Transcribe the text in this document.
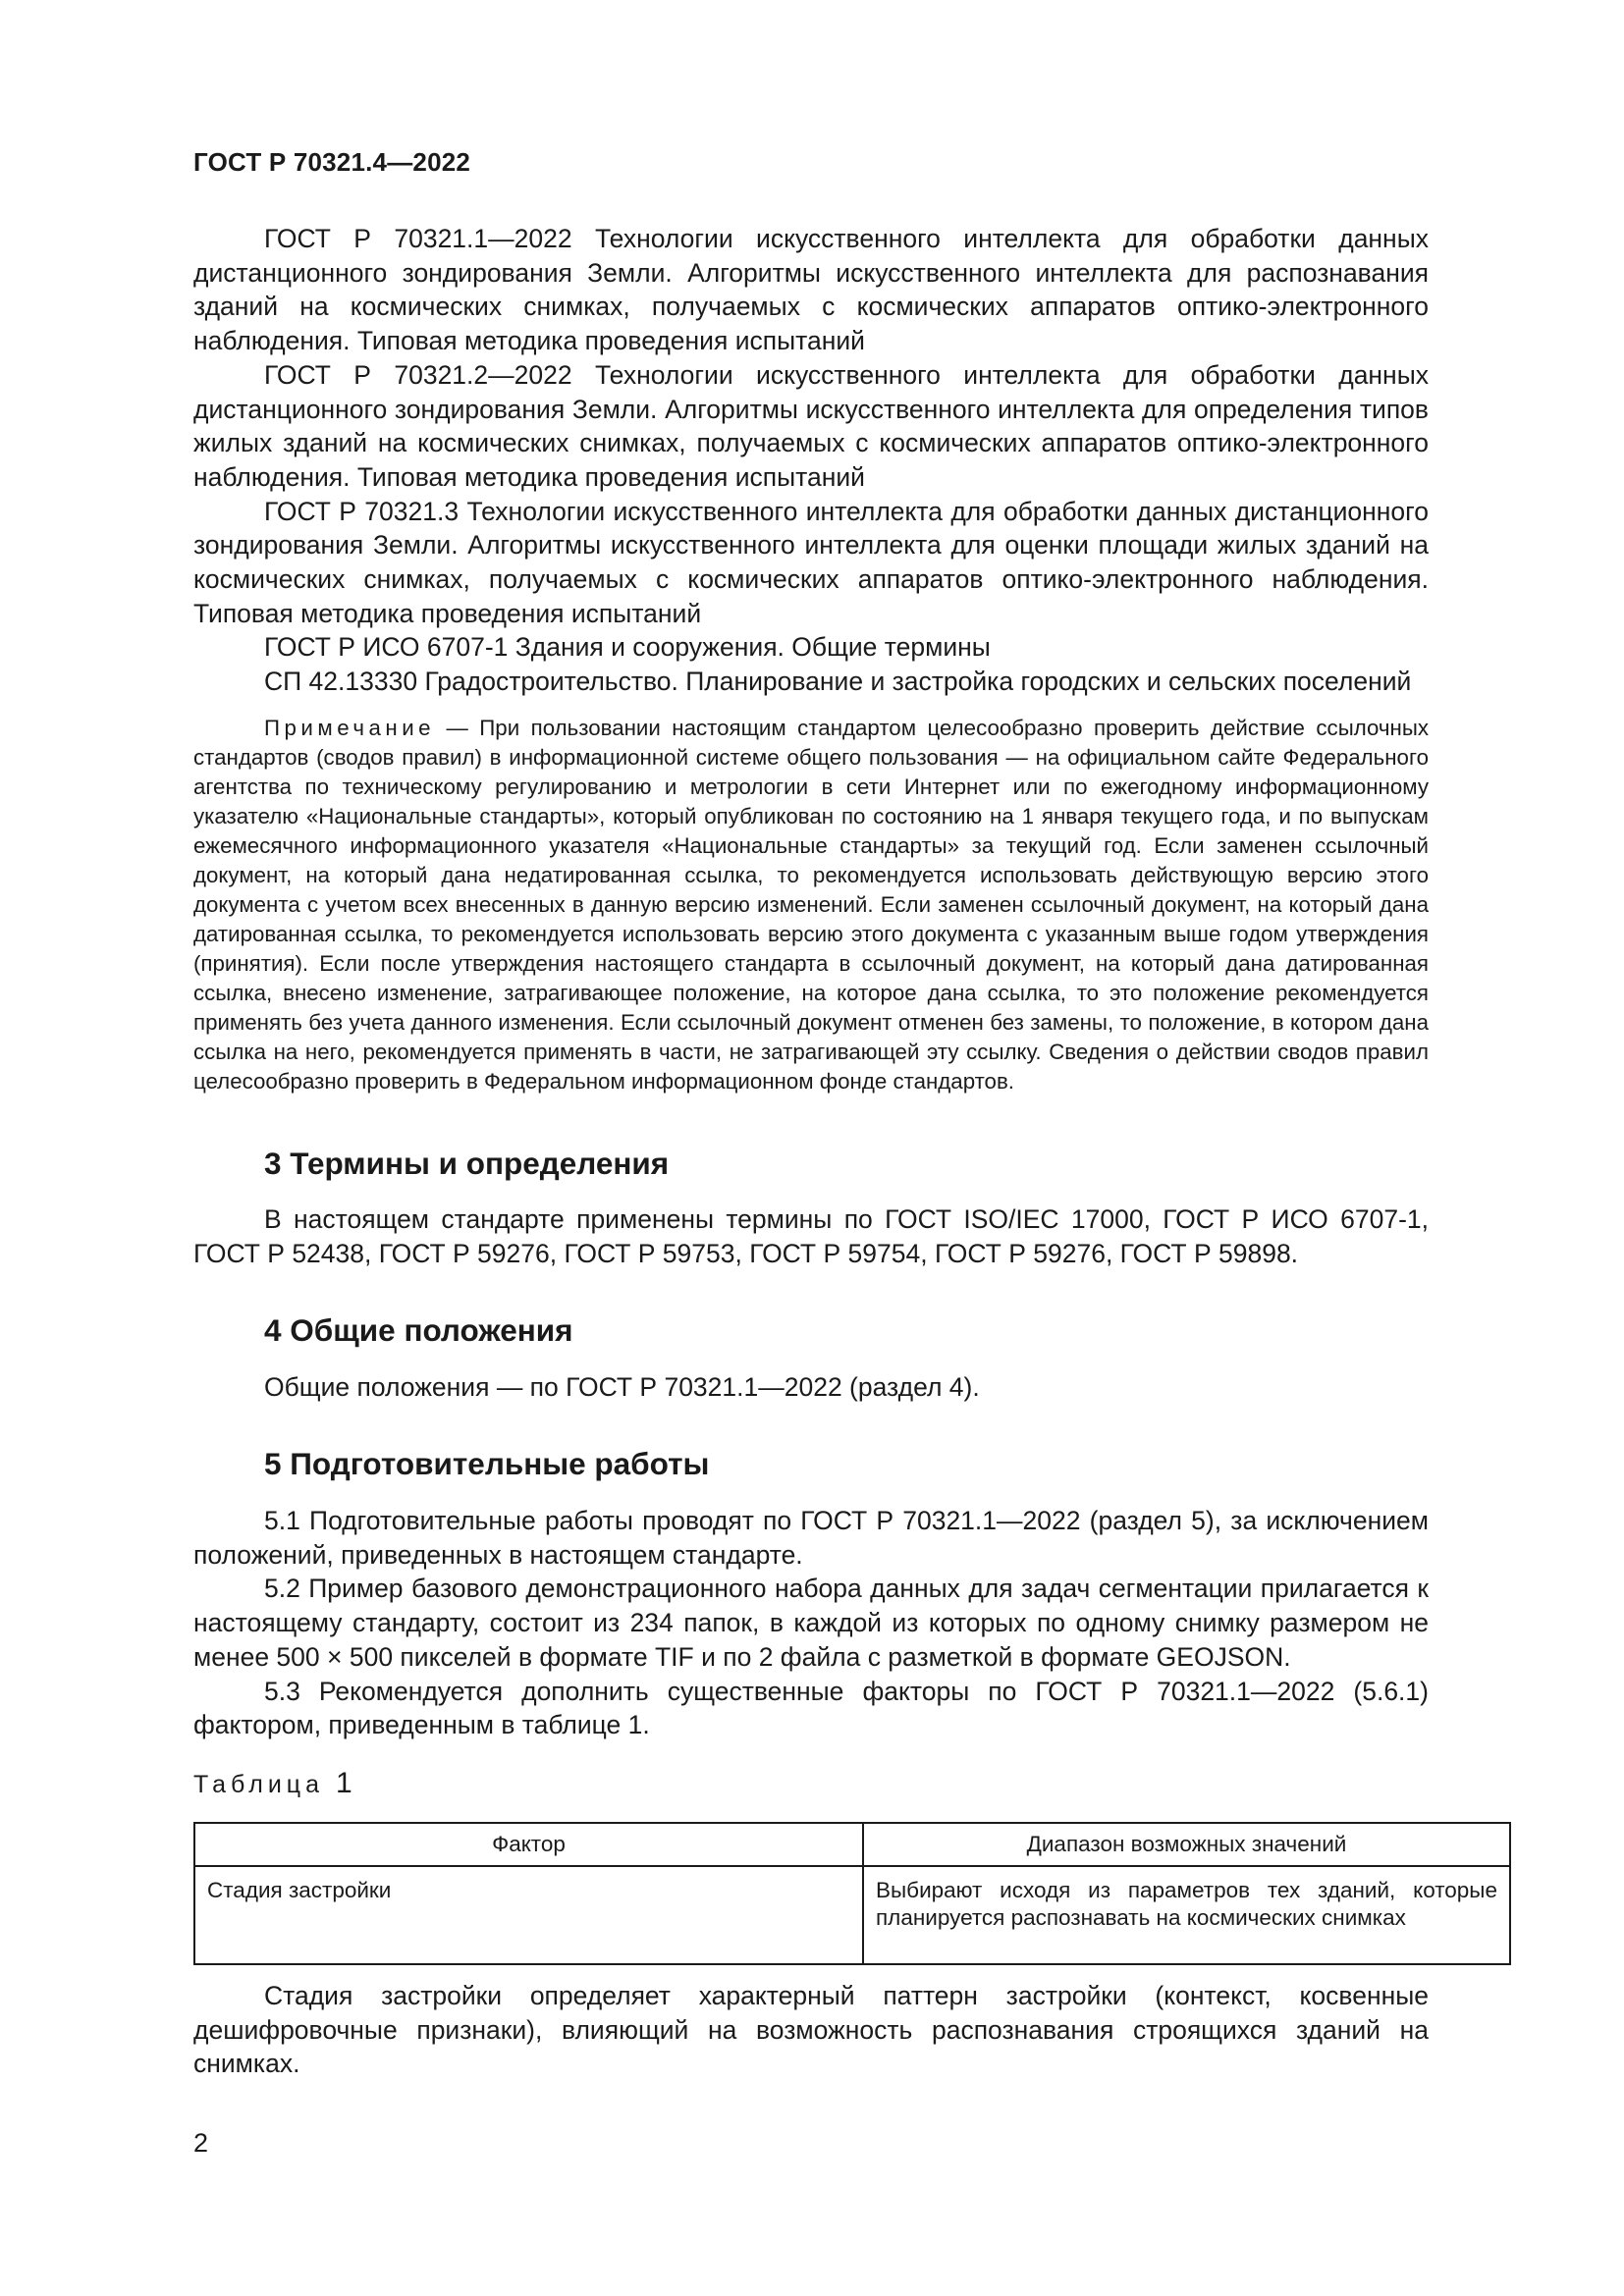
ГОСТ Р 70321.4—2022

ГОСТ Р 70321.1—2022 Технологии искусственного интеллекта для обработки данных дистанционного зондирования Земли. Алгоритмы искусственного интеллекта для распознавания зданий на космических снимках, получаемых с космических аппаратов оптико-электронного наблюдения. Типовая методика проведения испытаний

ГОСТ Р 70321.2—2022 Технологии искусственного интеллекта для обработки данных дистанционного зондирования Земли. Алгоритмы искусственного интеллекта для определения типов жилых зданий на космических снимках, получаемых с космических аппаратов оптико-электронного наблюдения. Типовая методика проведения испытаний

ГОСТ Р 70321.3 Технологии искусственного интеллекта для обработки данных дистанционного зондирования Земли. Алгоритмы искусственного интеллекта для оценки площади жилых зданий на космических снимках, получаемых с космических аппаратов оптико-электронного наблюдения. Типовая методика проведения испытаний

ГОСТ Р ИСО 6707-1 Здания и сооружения. Общие термины

СП 42.13330 Градостроительство. Планирование и застройка городских и сельских поселений

Примечание — При пользовании настоящим стандартом целесообразно проверить действие ссылочных стандартов (сводов правил) в информационной системе общего пользования — на официальном сайте Федерального агентства по техническому регулированию и метрологии в сети Интернет или по ежегодному информационному указателю «Национальные стандарты», который опубликован по состоянию на 1 января текущего года, и по выпускам ежемесячного информационного указателя «Национальные стандарты» за текущий год. Если заменен ссылочный документ, на который дана недатированная ссылка, то рекомендуется использовать действующую версию этого документа с учетом всех внесенных в данную версию изменений. Если заменен ссылочный документ, на который дана датированная ссылка, то рекомендуется использовать версию этого документа с указанным выше годом утверждения (принятия). Если после утверждения настоящего стандарта в ссылочный документ, на который дана датированная ссылка, внесено изменение, затрагивающее положение, на которое дана ссылка, то это положение рекомендуется применять без учета данного изменения. Если ссылочный документ отменен без замены, то положение, в котором дана ссылка на него, рекомендуется применять в части, не затрагивающей эту ссылку. Сведения о действии сводов правил целесообразно проверить в Федеральном информационном фонде стандартов.

3 Термины и определения

В настоящем стандарте применены термины по ГОСТ ISO/IEC 17000, ГОСТ Р ИСО 6707-1, ГОСТ Р 52438, ГОСТ Р 59276, ГОСТ Р 59753, ГОСТ Р 59754, ГОСТ Р 59276, ГОСТ Р 59898.

4 Общие положения

Общие положения — по ГОСТ Р 70321.1—2022 (раздел 4).

5 Подготовительные работы

5.1 Подготовительные работы проводят по ГОСТ Р 70321.1—2022 (раздел 5), за исключением положений, приведенных в настоящем стандарте.

5.2 Пример базового демонстрационного набора данных для задач сегментации прилагается к настоящему стандарту, состоит из 234 папок, в каждой из которых по одному снимку размером не менее 500 × 500 пикселей в формате TIF и по 2 файла с разметкой в формате GEOJSON.

5.3 Рекомендуется дополнить существенные факторы по ГОСТ Р 70321.1—2022 (5.6.1) фактором, приведенным в таблице 1.

Таблица 1
Фактор	Диапазон возможных значений
Стадия застройки	Выбирают исходя из параметров тех зданий, которые планируется распознавать на космических снимках

Стадия застройки определяет характерный паттерн застройки (контекст, косвенные дешифровочные признаки), влияющий на возможность распознавания строящихся зданий на снимках.

2
